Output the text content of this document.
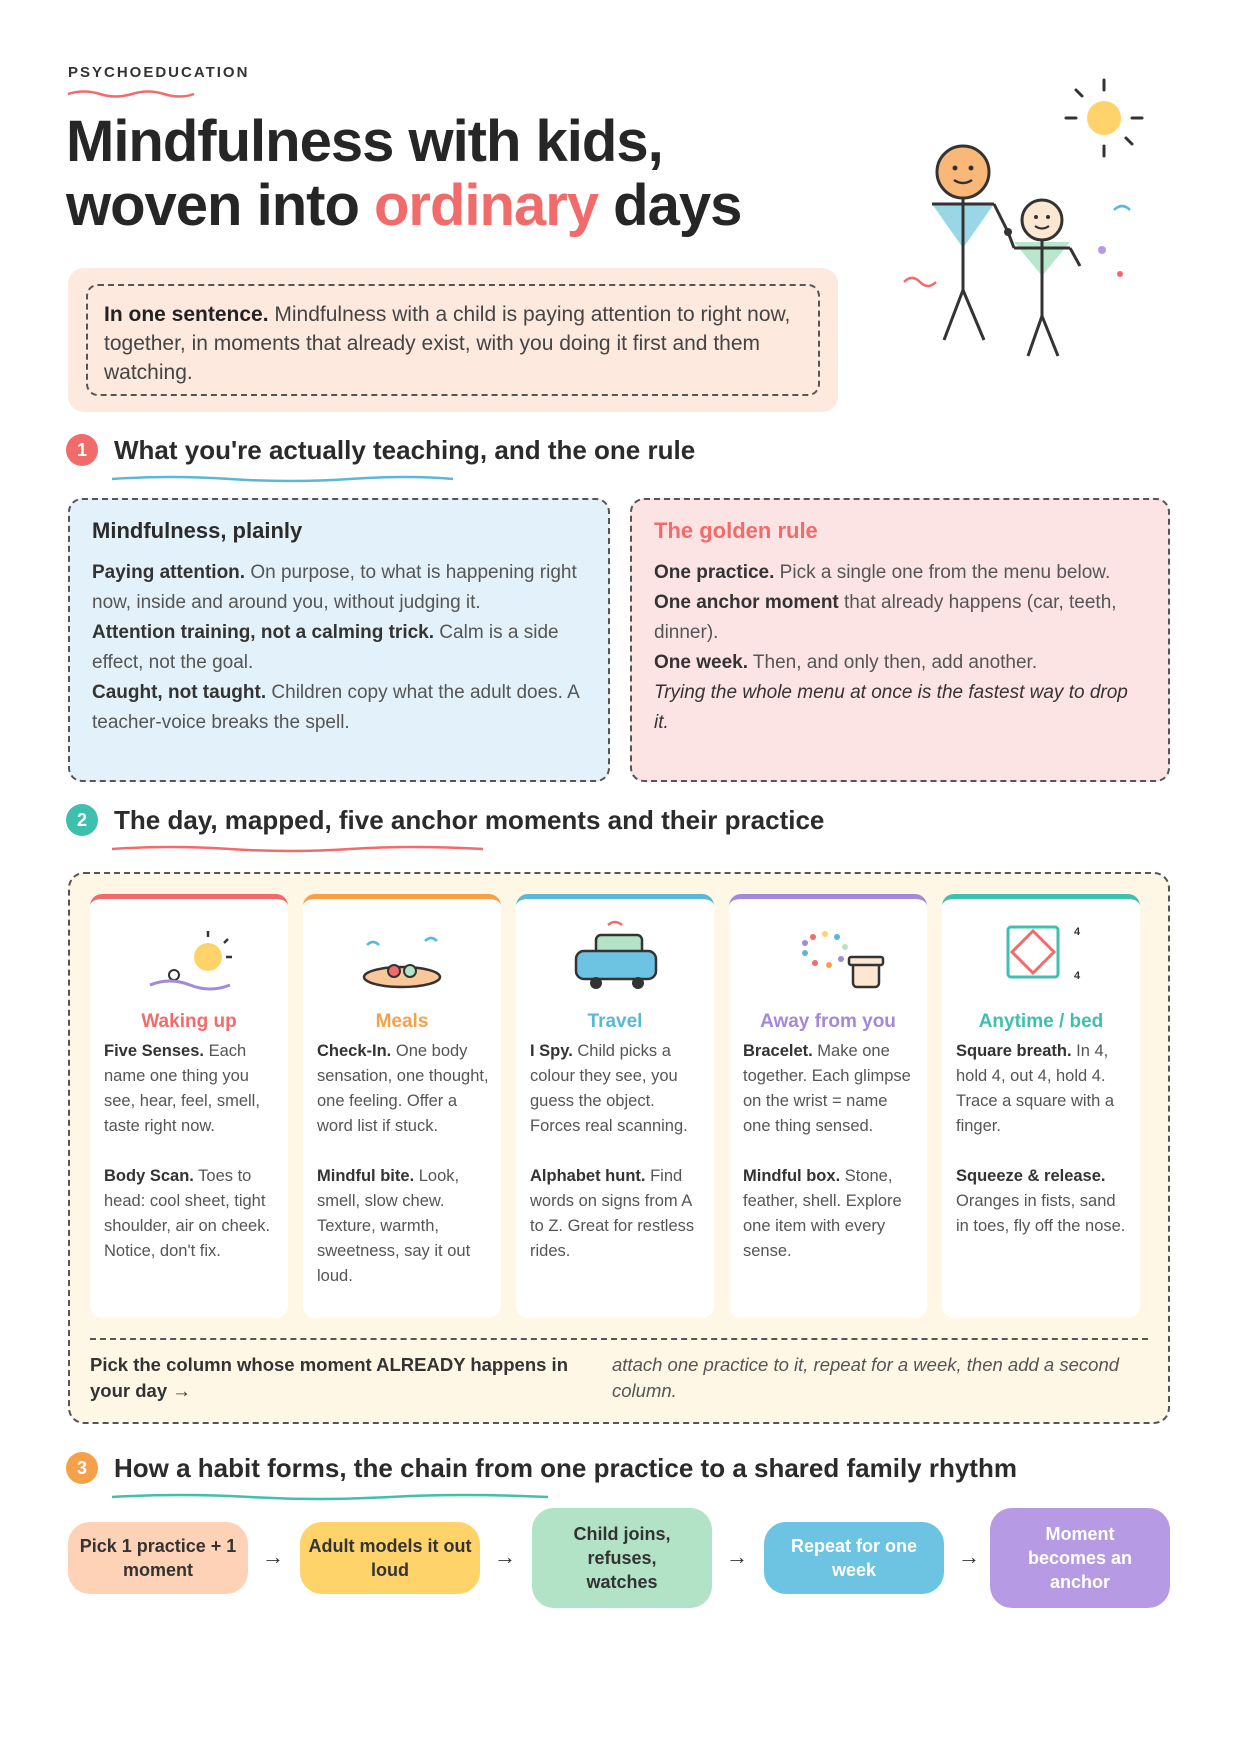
PSYCHOEDUCATION
Mindfulness with kids,
woven into ordinary days
In one sentence. Mindfulness with a child is paying attention to right now, together, in moments that already exist, with you doing it first and them watching.
1	What you're actually teaching, and the one rule
Mindfulness, plainly

Paying attention. On purpose, to what is happening right now, inside and around you, without judging it.

Attention training, not a calming trick. Calm is a side effect, not the goal.

Caught, not taught. Children copy what the adult does. A teacher-voice breaks the spell.

The golden rule

One practice. Pick a single one from the menu below.

One anchor moment that already happens (car, teeth, dinner).

One week. Then, and only then, add another.

Trying the whole menu at once is the fastest way to drop it.

2	The day, mapped, five anchor moments and their practice
Waking up
Five Senses. Each name one thing you see, hear, feel, smell, taste right now.
Body Scan. Toes to head: cool sheet, tight shoulder, air on cheek. Notice, don't fix.
Meals
Check-In. One body sensation, one thought, one feeling. Offer a word list if stuck.
Mindful bite. Look, smell, slow chew. Texture, warmth, sweetness, say it out loud.
Travel
I Spy. Child picks a colour they see, you guess the object. Forces real scanning.
Alphabet hunt. Find words on signs from A to Z. Great for restless rides.
Away from you
Bracelet. Make one together. Each glimpse on the wrist = name one thing sensed.
Mindful box. Stone, feather, shell. Explore one item with every sense.
4
4
Anytime / bed
Square breath. In 4, hold 4, out 4, hold 4. Trace a square with a finger.
Squeeze & release. Oranges in fists, sand in toes, fly off the nose.
Pick the column whose moment ALREADY happens in your day →
attach one practice to it, repeat for a week, then add a second column.
3	How a habit forms, the chain from one practice to a shared family rhythm
Pick 1 practice + 1 moment
→	Adult models it out loud
→
Child joins, refuses, watches
→	Repeat for one week
→
Moment becomes an anchor
